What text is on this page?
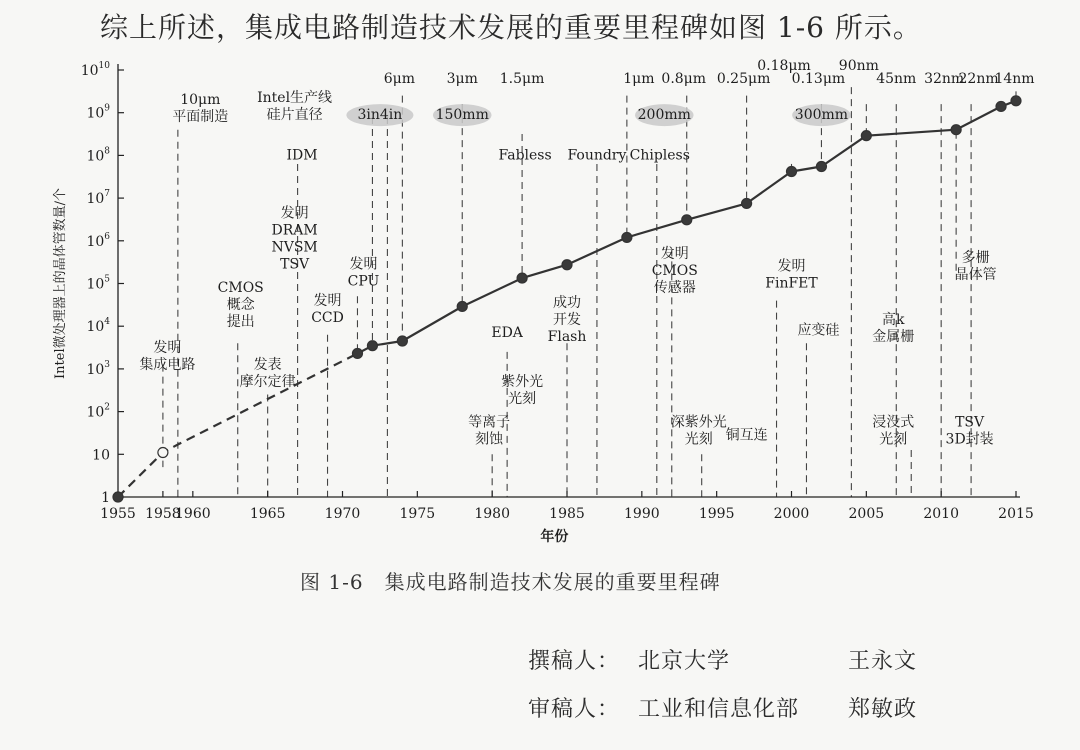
综上所述，集成电路制造技术发展的重要里程碑如图 1-6 所示。
1
10
$10^2$
$10^3$
$10^4$
$10^5$
$10^6$
$10^7$
$10^8$
$10^9$
$10^{10}$
1955 1958
1960	1965	1970	1975	1980	1985	1990	1995	2000	2005	2010	2015
10μm
平面制造
发明
集成电路
CMOS
概念
提出
发表
摩尔定律
Intel生产线
硅片直径
IDM
发明
DRAM
NVSM
TSV
发明
CCD
发明
CPU
3in4in
6μm 3μm
150mm
1.5μm
Fabless Foundry Chipless
EDA
紫外光
光刻
等离子
刻蚀
成功
开发
Flash
1μm 0.8μm 0.25μm
200mm
发明
CMOS
传感器
深紫外光
光刻 铜互连
0.18μm
0.13μm
90nm
300mm
发明
FinFET
应变硅
45nm 32nm
22nm
14nm
高k
金属栅
多栅
晶体管
浸没式
光刻
TSV
3D封装
年份
Intel微处理器上的晶体管数量/个
图 1-6　集成电路制造技术发展的重要里程碑
撰稿人： 北京大学	王永文
审稿人： 工业和信息化部 郑敏政
